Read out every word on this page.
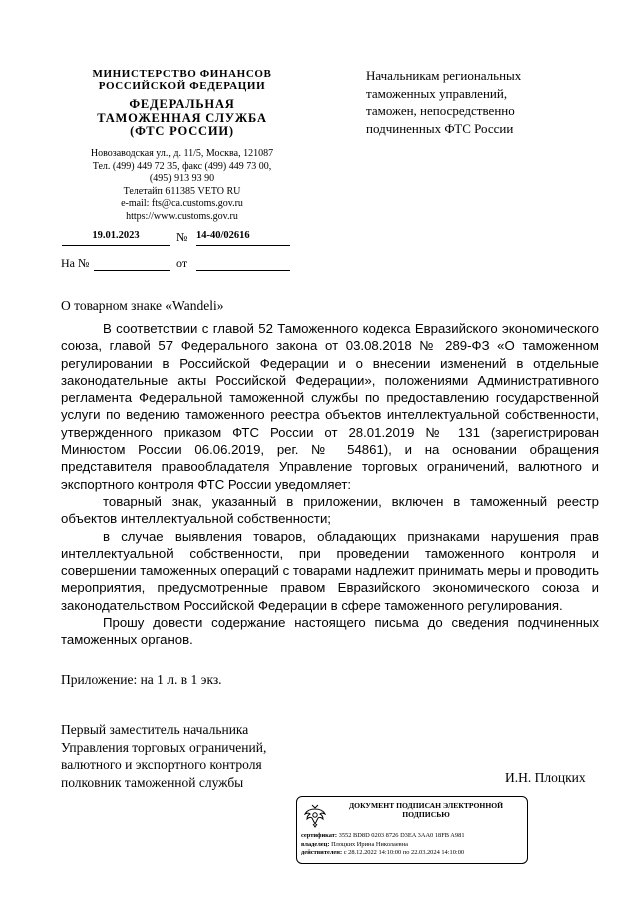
МИНИСТЕРСТВО ФИНАНСОВ
РОССИЙСКОЙ ФЕДЕРАЦИИ
ФЕДЕРАЛЬНАЯ
ТАМОЖЕННАЯ СЛУЖБА
(ФТС РОССИИ)
Новозаводская ул., д. 11/5, Москва, 121087
Тел. (499) 449 72 35, факс (499) 449 73 00,
(495) 913 93 90
Телетайп 611385 VETO RU
e-mail: fts@ca.customs.gov.ru
https://www.customs.gov.ru
19.01.2023	№ 14-40/02616
На №	от
Начальникам региональных
таможенных управлений,
таможен, непосредственно
подчиненных ФТС России
О товарном знаке «Wandeli»

В соответствии с главой 52 Таможенного кодекса Евразийского экономического союза, главой 57 Федерального закона от 03.08.2018 № 289-ФЗ «О таможенном регулировании в Российской Федерации и о внесении изменений в отдельные законодательные акты Российской Федерации», положениями Административного регламента Федеральной таможенной службы по предоставлению государственной услуги по ведению таможенного реестра объектов интеллектуальной собственности, утвержденного приказом ФТС России от 28.01.2019 № 131 (зарегистрирован Минюстом России 06.06.2019, рег. № 54861), и на основании обращения представителя правообладателя Управление торговых ограничений, валютного и экспортного контроля ФТС России уведомляет:

товарный знак, указанный в приложении, включен в таможенный реестр объектов интеллектуальной собственности;

в случае выявления товаров, обладающих признаками нарушения прав интеллектуальной собственности, при проведении таможенного контроля и совершении таможенных операций с товарами надлежит принимать меры и проводить мероприятия, предусмотренные правом Евразийского экономического союза и законодательством Российской Федерации в сфере таможенного регулирования.

Прошу довести содержание настоящего письма до сведения подчиненных таможенных органов.

Приложение: на 1 л. в 1 экз.
Первый заместитель начальника
Управления торговых ограничений,
валютного и экспортного контроля
полковник таможенной службы	И.Н. Плоцких
ДОКУМЕНТ ПОДПИСАН ЭЛЕКТРОННОЙ
ПОДПИСЬЮ
сертификат: 3552 BD8D 0203 8726 D3EA 3AA0 18FB A981
владелец: Плоцких Ирина Николаевна
действителен: с 28.12.2022 14:10:00 по 22.03.2024 14:10:00
